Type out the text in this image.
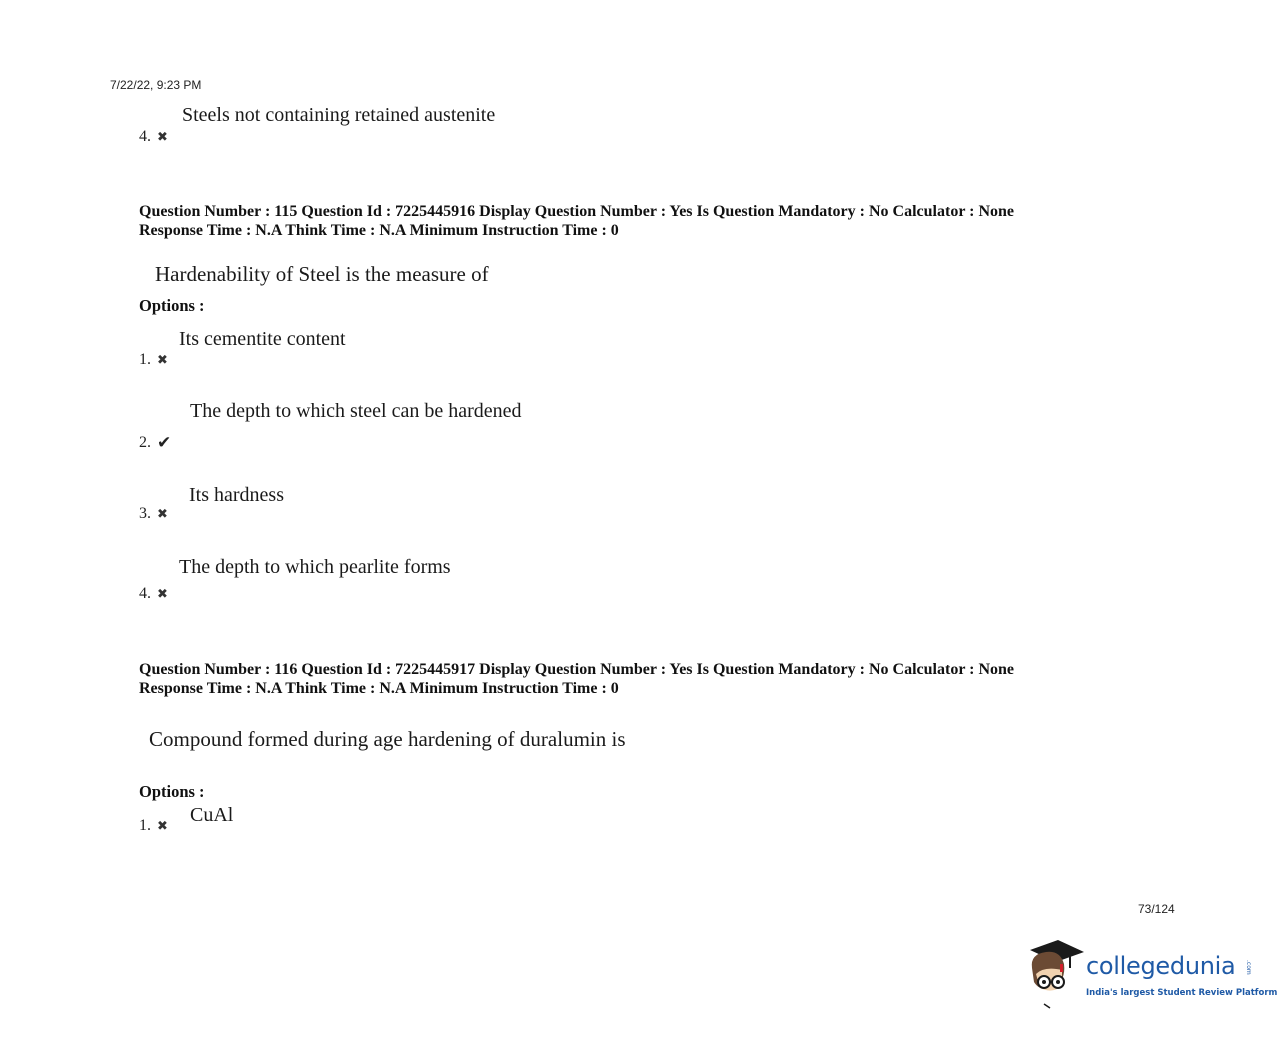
7/22/22, 9:23 PM
Steels not containing retained austenite
4. ✖
Question Number : 115 Question Id : 7225445916 Display Question Number : Yes Is Question Mandatory : No Calculator : None
Response Time : N.A Think Time : N.A Minimum Instruction Time : 0
Hardenability of Steel is the measure of
Options :
Its cementite content
1. ✖
The depth to which steel can be hardened
2. ✔
Its hardness
3. ✖
The depth to which pearlite forms
4. ✖
Question Number : 116 Question Id : 7225445917 Display Question Number : Yes Is Question Mandatory : No Calculator : None
Response Time : N.A Think Time : N.A Minimum Instruction Time : 0
Compound formed during age hardening of duralumin is
Options :
CuAl
1. ✖
73/124
collegedunia .com
India's largest Student Review Platform
